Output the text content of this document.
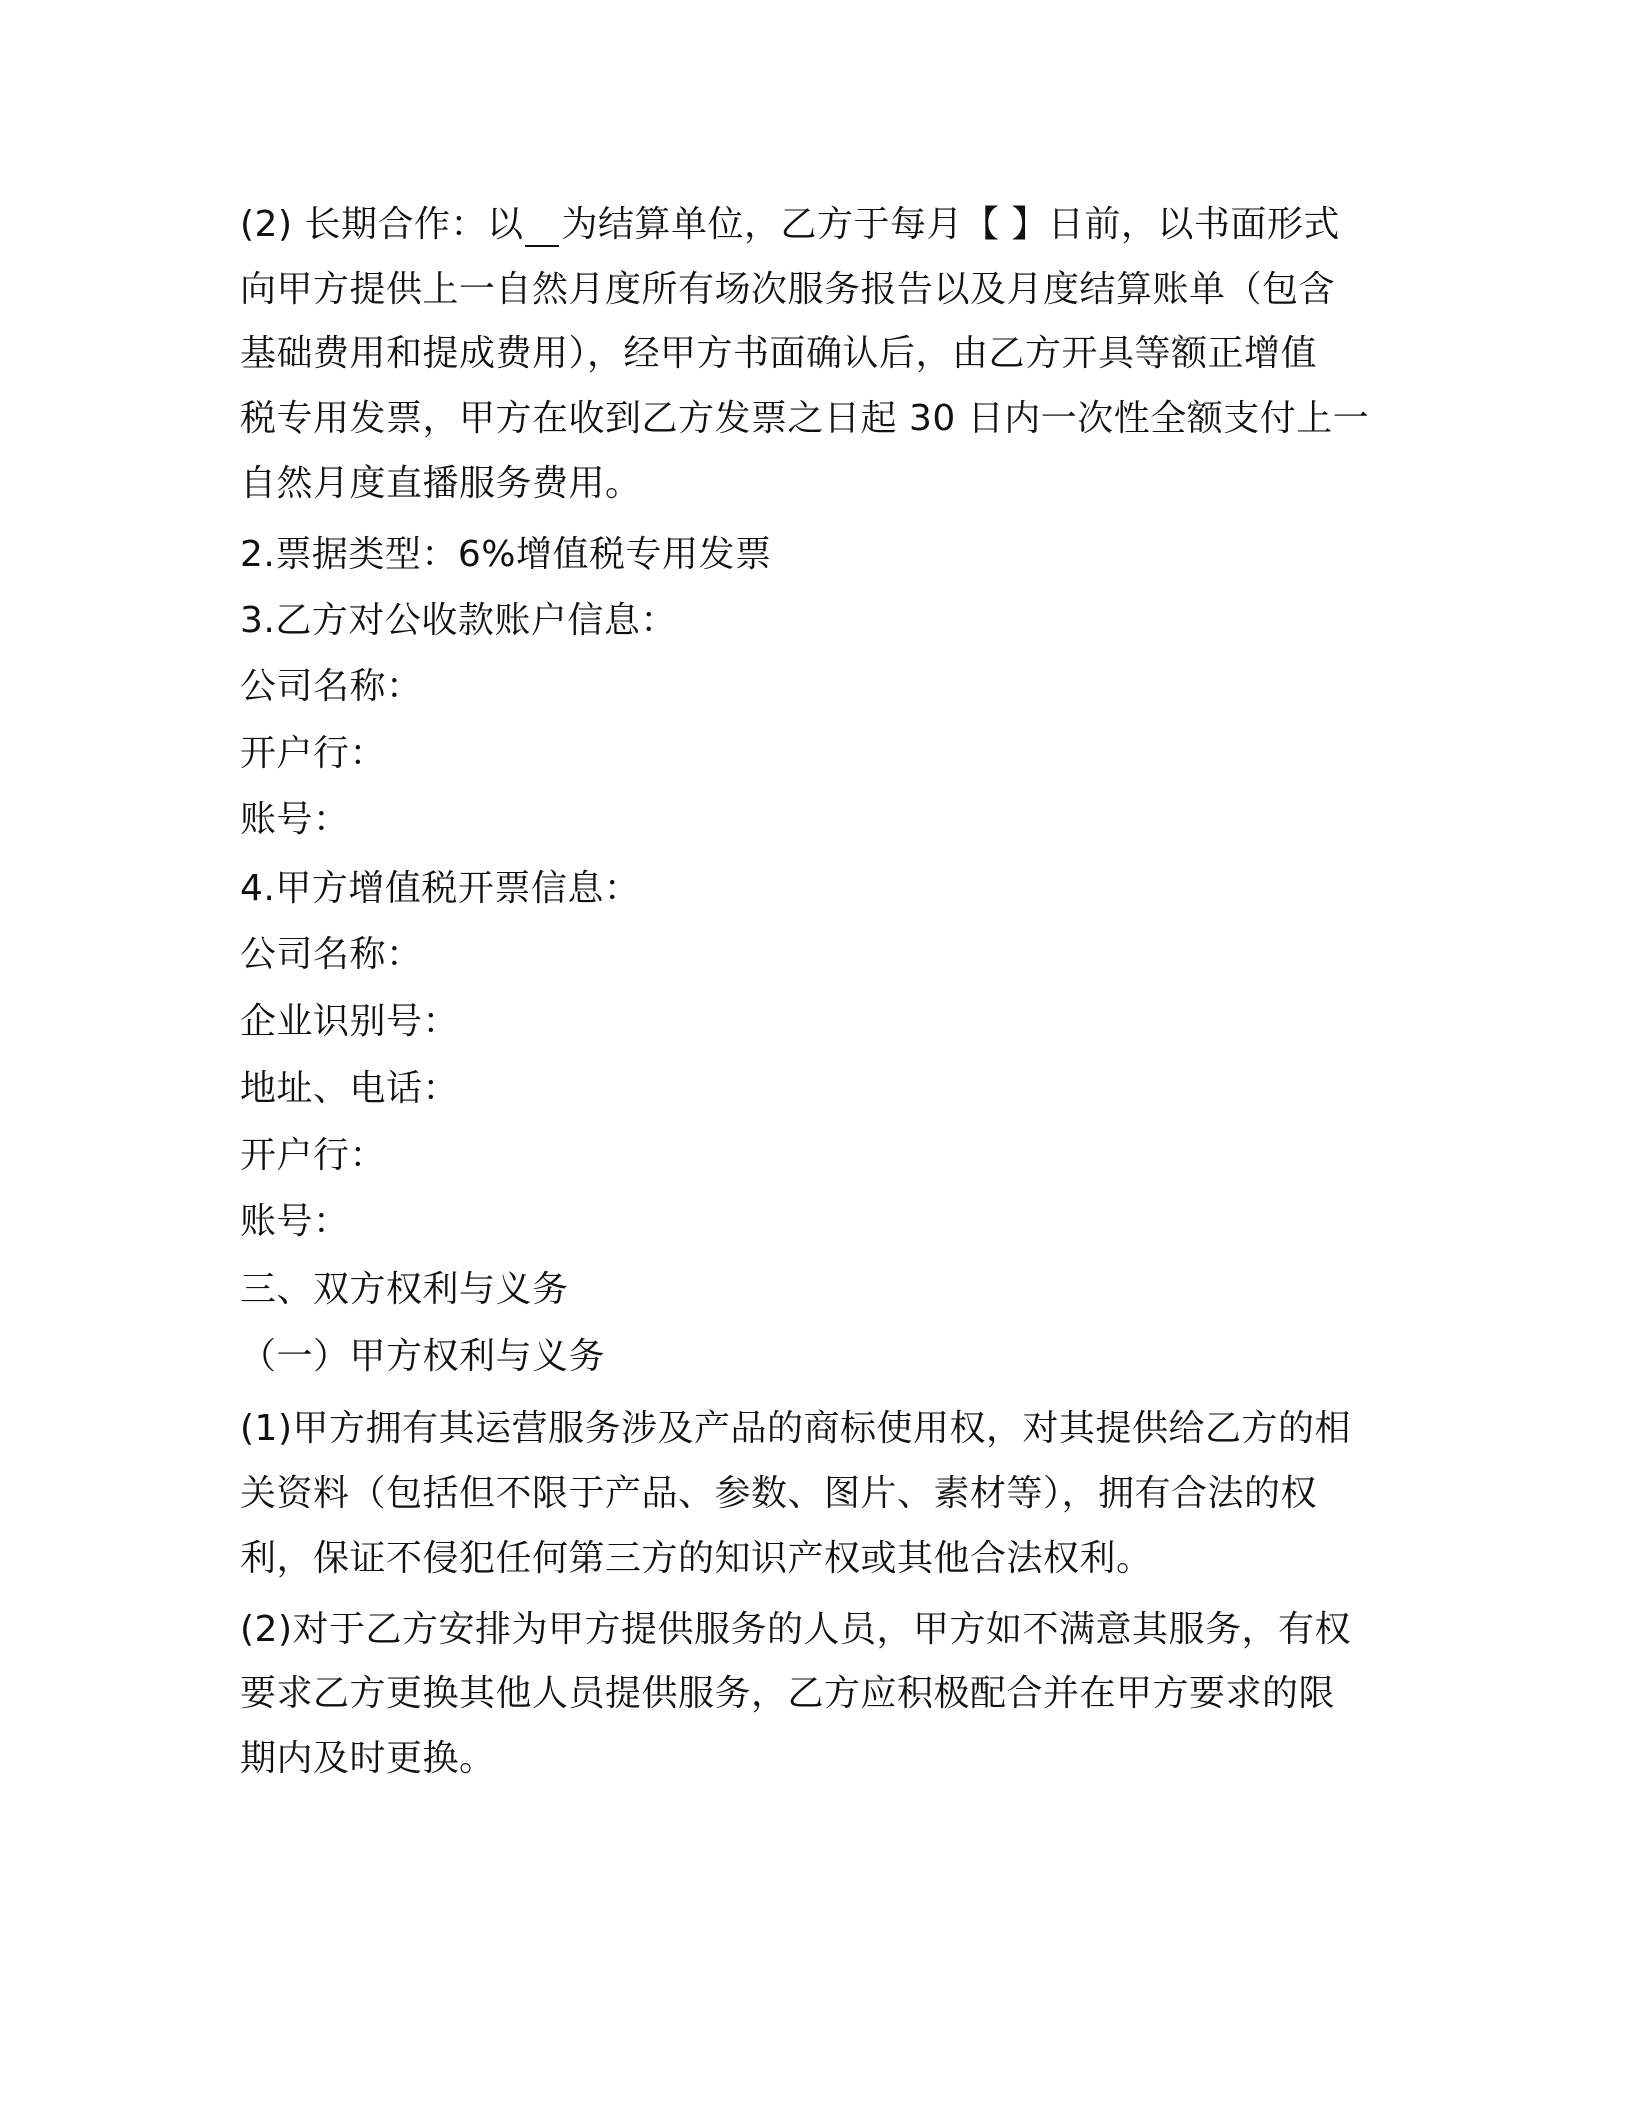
(2) 长期合作：以 为结算单位，乙方于每月【 】日前，以书面形式
向甲方提供上一自然月度所有场次服务报告以及月度结算账单（包含
基础费用和提成费用），经甲方书面确认后，由乙方开具等额正增值
税专用发票，甲方在收到乙方发票之日起 30 日内一次性全额支付上一
自然月度直播服务费用。
2.票据类型：6%增值税专用发票
3.乙方对公收款账户信息：
公司名称：
开户行：
账号：
4.甲方增值税开票信息：
公司名称：
企业识别号：
地址、电话：
开户行：
账号：
三、双方权利与义务
（一）甲方权利与义务
(1)甲方拥有其运营服务涉及产品的商标使用权，对其提供给乙方的相
关资料（包括但不限于产品、参数、图片、素材等），拥有合法的权
利，保证不侵犯任何第三方的知识产权或其他合法权利。
(2)对于乙方安排为甲方提供服务的人员，甲方如不满意其服务，有权
要求乙方更换其他人员提供服务，乙方应积极配合并在甲方要求的限
期内及时更换。
